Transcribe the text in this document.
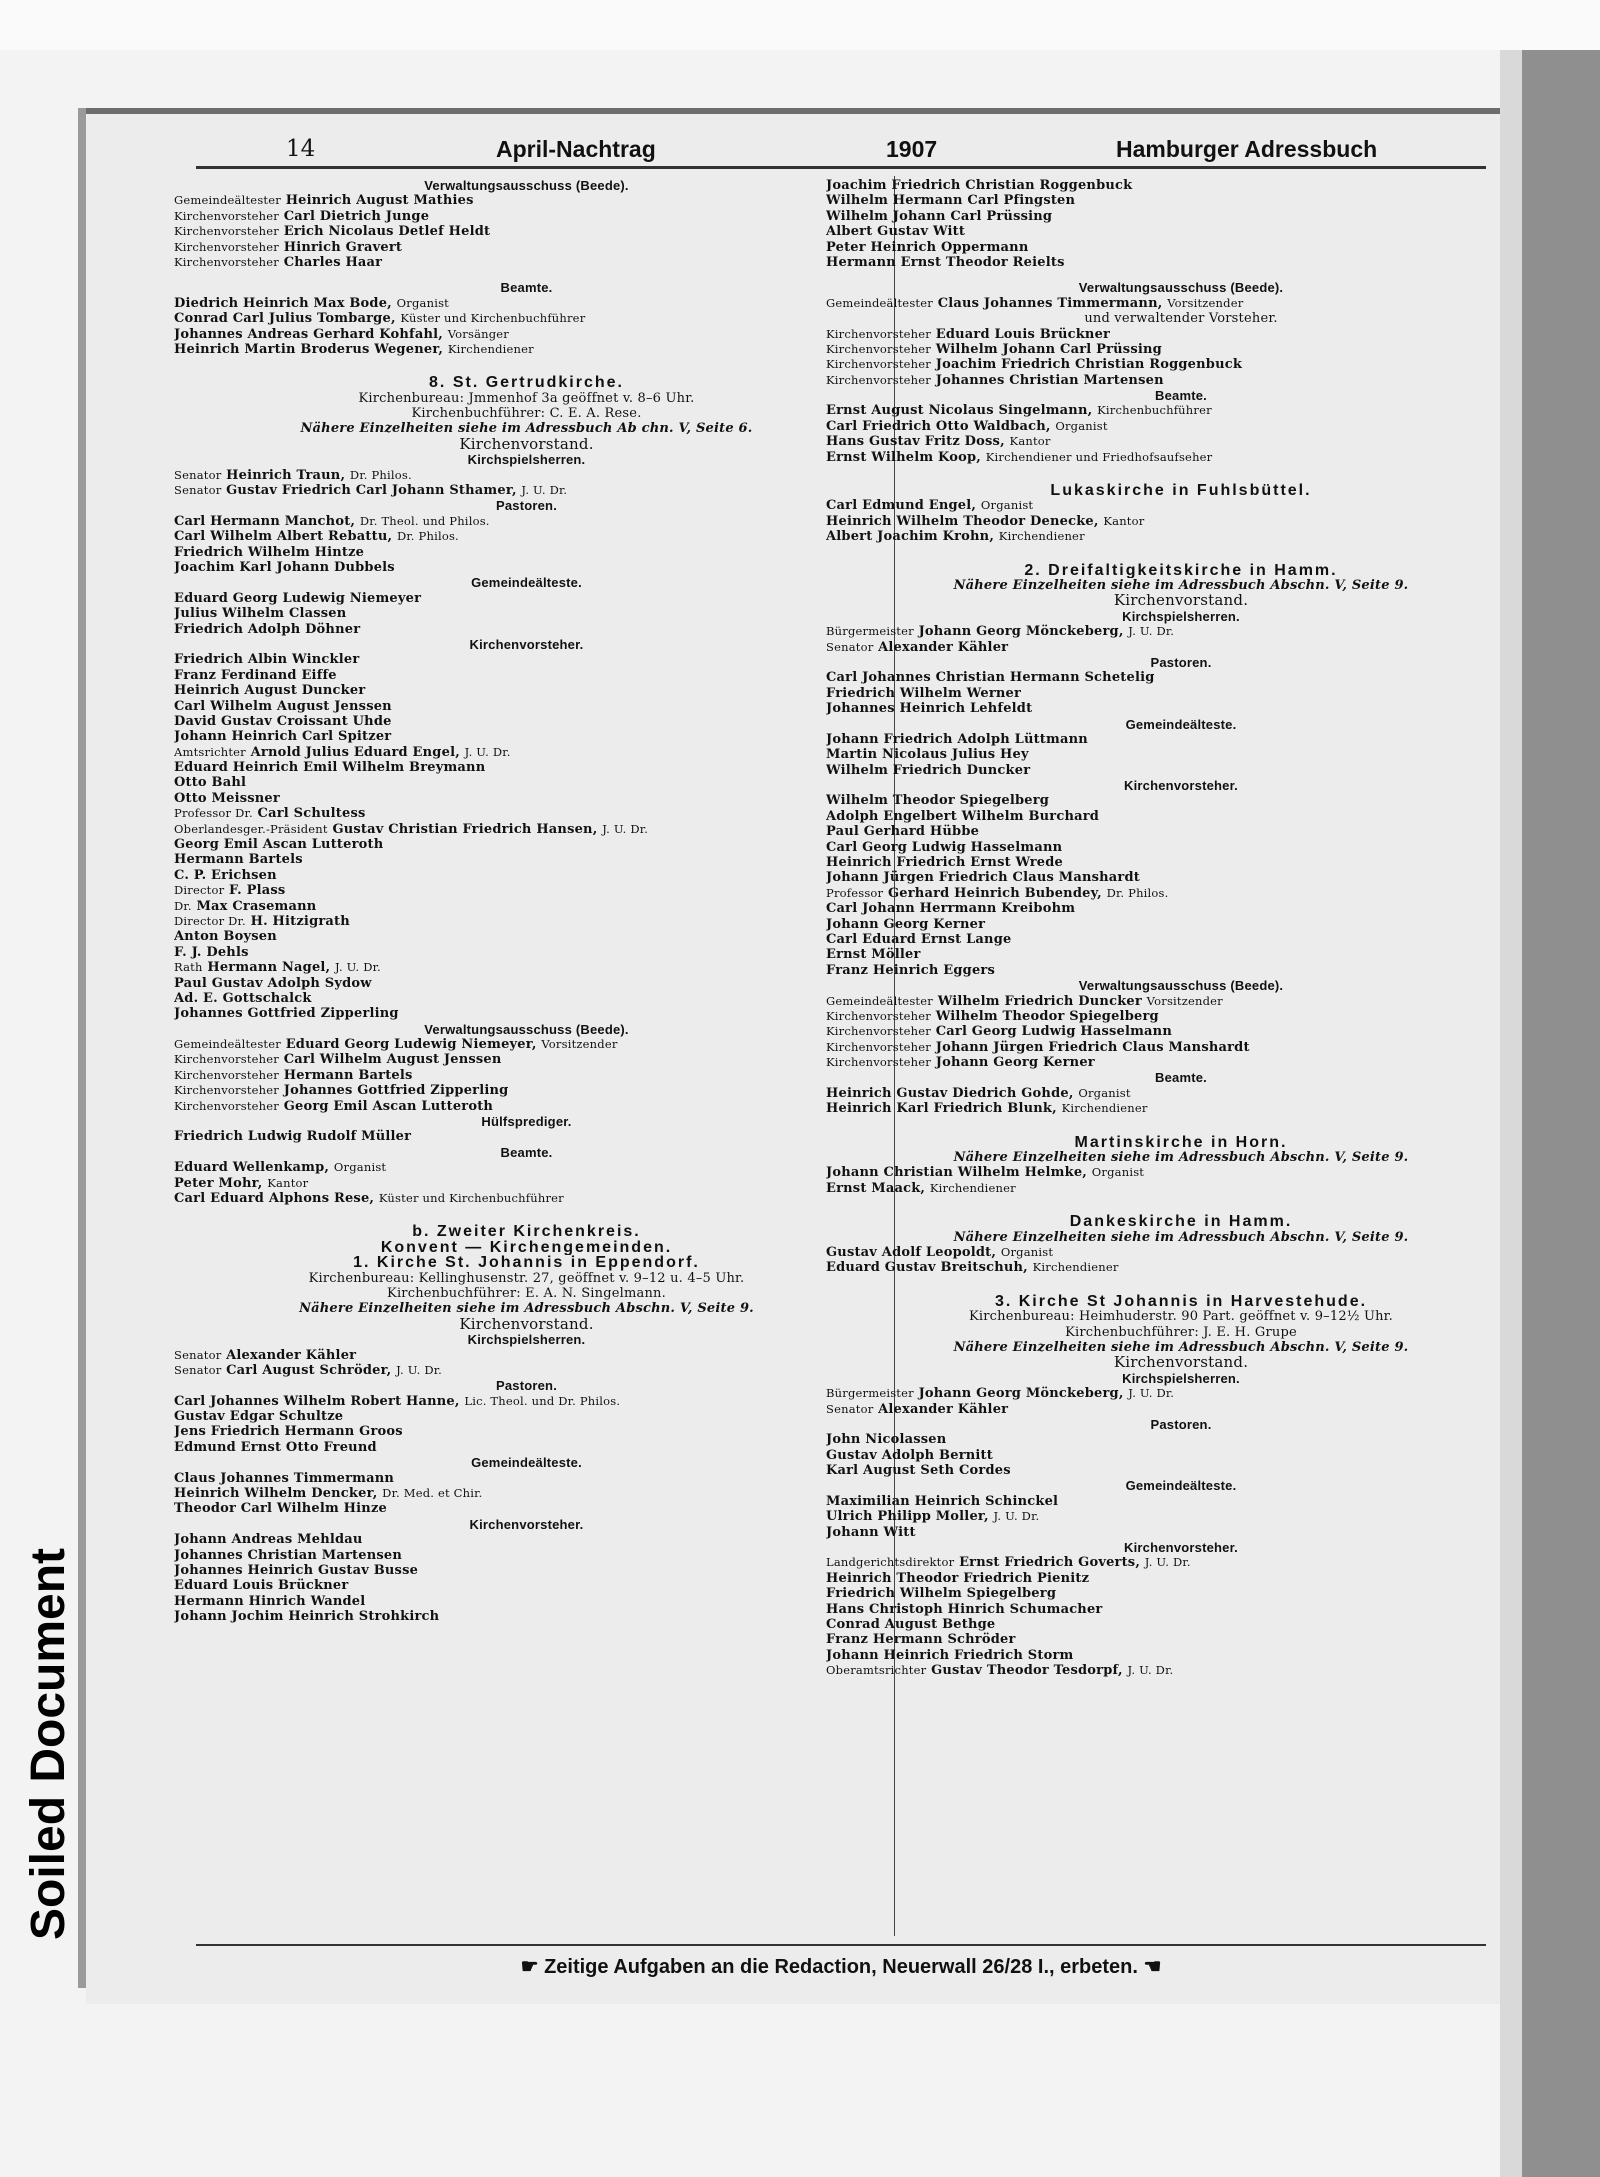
Soiled Document
14	April-Nachtrag	1907	Hamburger Adressbuch
Verwaltungsausschuss (Beede).
Gemeindeältester Heinrich August Mathies
Kirchenvorsteher Carl Dietrich Junge
Kirchenvorsteher Erich Nicolaus Detlef Heldt
Kirchenvorsteher Hinrich Gravert
Kirchenvorsteher Charles Haar
Beamte.
Diedrich Heinrich Max Bode, Organist
Conrad Carl Julius Tombarge, Küster und Kirchenbuchführer
Johannes Andreas Gerhard Kohfahl, Vorsänger
Heinrich Martin Broderus Wegener, Kirchendiener
8. St. Gertrudkirche.
Kirchenbureau: Jmmenhof 3a geöffnet v. 8–6 Uhr.
Kirchenbuchführer: C. E. A. Rese.
Nähere Einzelheiten siehe im Adressbuch Ab chn. V, Seite 6.
Kirchenvorstand.
Kirchspielsherren.
Senator Heinrich Traun, Dr. Philos.
Senator Gustav Friedrich Carl Johann Sthamer, J. U. Dr.
Pastoren.
Carl Hermann Manchot, Dr. Theol. und Philos.
Carl Wilhelm Albert Rebattu, Dr. Philos.
Friedrich Wilhelm Hintze
Joachim Karl Johann Dubbels
Gemeindeälteste.
Eduard Georg Ludewig Niemeyer
Julius Wilhelm Classen
Friedrich Adolph Döhner
Kirchenvorsteher.
Friedrich Albin Winckler
Franz Ferdinand Eiffe
Heinrich August Duncker
Carl Wilhelm August Jenssen
David Gustav Croissant Uhde
Johann Heinrich Carl Spitzer
Amtsrichter Arnold Julius Eduard Engel, J. U. Dr.
Eduard Heinrich Emil Wilhelm Breymann
Otto Bahl
Otto Meissner
Professor Dr. Carl Schultess
Oberlandesger.-Präsident Gustav Christian Friedrich Hansen, J. U. Dr.
Georg Emil Ascan Lutteroth
Hermann Bartels
C. P. Erichsen
Director F. Plass
Dr. Max Crasemann
Director Dr. H. Hitzigrath
Anton Boysen
F. J. Dehls
Rath Hermann Nagel, J. U. Dr.
Paul Gustav Adolph Sydow
Ad. E. Gottschalck
Johannes Gottfried Zipperling
Verwaltungsausschuss (Beede).
Gemeindeältester Eduard Georg Ludewig Niemeyer, Vorsitzender
Kirchenvorsteher Carl Wilhelm August Jenssen
Kirchenvorsteher Hermann Bartels
Kirchenvorsteher Johannes Gottfried Zipperling
Kirchenvorsteher Georg Emil Ascan Lutteroth
Hülfsprediger.
Friedrich Ludwig Rudolf Müller
Beamte.
Eduard Wellenkamp, Organist
Peter Mohr, Kantor
Carl Eduard Alphons Rese, Küster und Kirchenbuchführer
b. Zweiter Kirchenkreis.
Konvent — Kirchengemeinden.
1. Kirche St. Johannis in Eppendorf.
Kirchenbureau: Kellinghusenstr. 27, geöffnet v. 9–12 u. 4–5 Uhr.
Kirchenbuchführer: E. A. N. Singelmann.
Nähere Einzelheiten siehe im Adressbuch Abschn. V, Seite 9.
Kirchenvorstand.
Kirchspielsherren.
Senator Alexander Kähler
Senator Carl August Schröder, J. U. Dr.
Pastoren.
Carl Johannes Wilhelm Robert Hanne, Lic. Theol. und Dr. Philos.
Gustav Edgar Schultze
Jens Friedrich Hermann Groos
Edmund Ernst Otto Freund
Gemeindeälteste.
Claus Johannes Timmermann
Heinrich Wilhelm Dencker, Dr. Med. et Chir.
Theodor Carl Wilhelm Hinze
Kirchenvorsteher.
Johann Andreas Mehldau
Johannes Christian Martensen
Johannes Heinrich Gustav Busse
Eduard Louis Brückner
Hermann Hinrich Wandel
Johann Jochim Heinrich Strohkirch
Joachim Friedrich Christian Roggenbuck
Wilhelm Hermann Carl Pfingsten
Wilhelm Johann Carl Prüssing
Albert Gustav Witt
Peter Heinrich Oppermann
Hermann Ernst Theodor Reielts
Verwaltungsausschuss (Beede).
Gemeindeältester Claus Johannes Timmermann, Vorsitzender
und verwaltender Vorsteher.
Kirchenvorsteher Eduard Louis Brückner
Kirchenvorsteher Wilhelm Johann Carl Prüssing
Kirchenvorsteher Joachim Friedrich Christian Roggenbuck
Kirchenvorsteher Johannes Christian Martensen
Beamte.
Ernst August Nicolaus Singelmann, Kirchenbuchführer
Carl Friedrich Otto Waldbach, Organist
Hans Gustav Fritz Doss, Kantor
Ernst Wilhelm Koop, Kirchendiener und Friedhofsaufseher
Lukaskirche in Fuhlsbüttel.
Carl Edmund Engel, Organist
Heinrich Wilhelm Theodor Denecke, Kantor
Albert Joachim Krohn, Kirchendiener
2. Dreifaltigkeitskirche in Hamm.
Nähere Einzelheiten siehe im Adressbuch Abschn. V, Seite 9.
Kirchenvorstand.
Kirchspielsherren.
Bürgermeister Johann Georg Mönckeberg, J. U. Dr.
Senator Alexander Kähler
Pastoren.
Carl Johannes Christian Hermann Schetelig
Friedrich Wilhelm Werner
Johannes Heinrich Lehfeldt
Gemeindeälteste.
Johann Friedrich Adolph Lüttmann
Martin Nicolaus Julius Hey
Wilhelm Friedrich Duncker
Kirchenvorsteher.
Wilhelm Theodor Spiegelberg
Adolph Engelbert Wilhelm Burchard
Paul Gerhard Hübbe
Carl Georg Ludwig Hasselmann
Heinrich Friedrich Ernst Wrede
Johann Jürgen Friedrich Claus Manshardt
Professor Gerhard Heinrich Bubendey, Dr. Philos.
Carl Johann Herrmann Kreibohm
Johann Georg Kerner
Carl Eduard Ernst Lange
Ernst Möller
Franz Heinrich Eggers
Verwaltungsausschuss (Beede).
Gemeindeältester Wilhelm Friedrich Duncker Vorsitzender
Kirchenvorsteher Wilhelm Theodor Spiegelberg
Kirchenvorsteher Carl Georg Ludwig Hasselmann
Kirchenvorsteher Johann Jürgen Friedrich Claus Manshardt
Kirchenvorsteher Johann Georg Kerner
Beamte.
Heinrich Gustav Diedrich Gohde, Organist
Heinrich Karl Friedrich Blunk, Kirchendiener
Martinskirche in Horn.
Nähere Einzelheiten siehe im Adressbuch Abschn. V, Seite 9.
Johann Christian Wilhelm Helmke, Organist
Ernst Maack, Kirchendiener
Dankeskirche in Hamm.
Nähere Einzelheiten siehe im Adressbuch Abschn. V, Seite 9.
Gustav Adolf Leopoldt, Organist
Eduard Gustav Breitschuh, Kirchendiener
3. Kirche St Johannis in Harvestehude.
Kirchenbureau: Heimhuderstr. 90 Part. geöffnet v. 9–12½ Uhr.
Kirchenbuchführer: J. E. H. Grupe
Nähere Einzelheiten siehe im Adressbuch Abschn. V, Seite 9.
Kirchenvorstand.
Kirchspielsherren.
Bürgermeister Johann Georg Mönckeberg, J. U. Dr.
Senator Alexander Kähler
Pastoren.
John Nicolassen
Gustav Adolph Bernitt
Karl August Seth Cordes
Gemeindeälteste.
Maximilian Heinrich Schinckel
Ulrich Philipp Moller, J. U. Dr.
Johann Witt
Kirchenvorsteher.
Landgerichtsdirektor Ernst Friedrich Goverts, J. U. Dr.
Heinrich Theodor Friedrich Pienitz
Friedrich Wilhelm Spiegelberg
Hans Christoph Hinrich Schumacher
Conrad August Bethge
Franz Hermann Schröder
Johann Heinrich Friedrich Storm
Oberamtsrichter Gustav Theodor Tesdorpf, J. U. Dr.
☛ Zeitige Aufgaben an die Redaction, Neuerwall 26/28 I., erbeten. ☚
